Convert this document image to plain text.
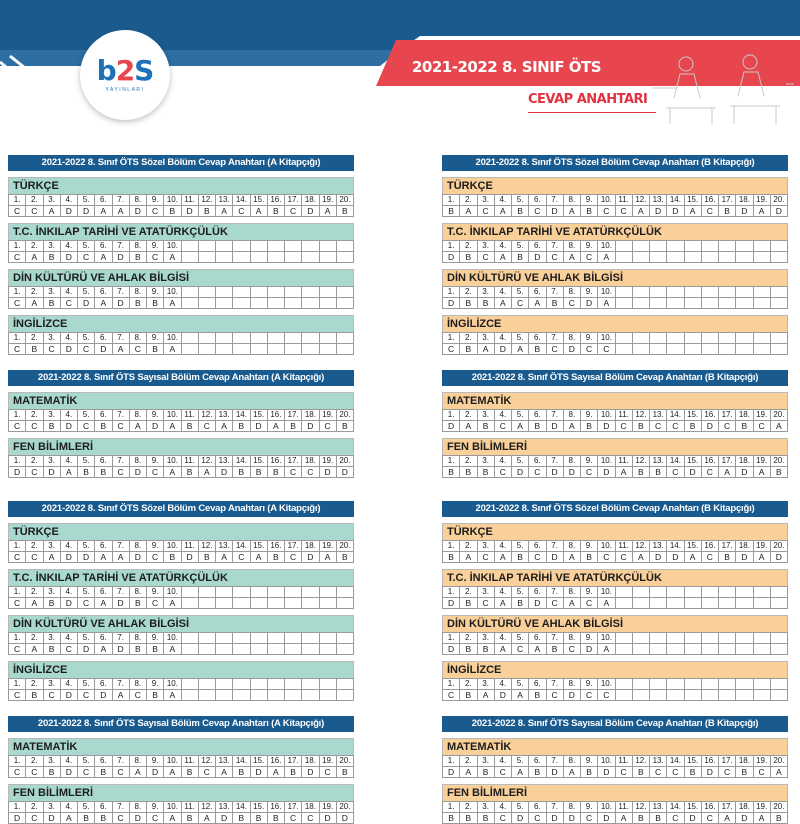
b2S
YAYINLARI
2021-2022 8. SINIF ÖTS
CEVAP ANAHTARI
2021-2022 8. Sınıf ÖTS Sözel Bölüm Cevap Anahtarı (A Kitapçığı)
TÜRKÇE
1.	2.	3.	4.	5.	6.	7.	8.	9.	10.	11.	12.	13.	14.	15.	16.	17.	18.	19.	20.
C	C	A	D	D	A	A	D	C	B	D	B	A	C	A	B	C	D	A	B
T.C. İNKILAP TARİHİ VE ATATÜRKÇÜLÜK
1.	2.	3.	4.	5.	6.	7.	8.	9.	10.										
C	A	B	D	C	A	D	B	C	A										
DİN KÜLTÜRÜ VE AHLAK BİLGİSİ
1.	2.	3.	4.	5.	6.	7.	8.	9.	10.										
C	A	B	C	D	A	D	B	B	A										
İNGİLİZCE
1.	2.	3.	4.	5.	6.	7.	8.	9.	10.										
C	B	C	D	C	D	A	C	B	A										
2021-2022 8. Sınıf ÖTS Sözel Bölüm Cevap Anahtarı (B Kitapçığı)
TÜRKÇE
1.	2.	3.	4.	5.	6.	7.	8.	9.	10.	11.	12.	13.	14.	15.	16.	17.	18.	19.	20.
B	A	C	A	B	C	D	A	B	C	C	A	D	D	A	C	B	D	A	D
T.C. İNKILAP TARİHİ VE ATATÜRKÇÜLÜK
1.	2.	3.	4.	5.	6.	7.	8.	9.	10.										
D	B	C	A	B	D	C	A	C	A										
DİN KÜLTÜRÜ VE AHLAK BİLGİSİ
1.	2.	3.	4.	5.	6.	7.	8.	9.	10.										
D	B	B	A	C	A	B	C	D	A										
İNGİLİZCE
1.	2.	3.	4.	5.	6.	7.	8.	9.	10.										
C	B	A	D	A	B	C	D	C	C										
2021-2022 8. Sınıf ÖTS Sayısal Bölüm Cevap Anahtarı (A Kitapçığı)
MATEMATİK
1.	2.	3.	4.	5.	6.	7.	8.	9.	10.	11.	12.	13.	14.	15.	16.	17.	18.	19.	20.
C	C	B	D	C	B	C	A	D	A	B	C	A	B	D	A	B	D	C	B
FEN BİLİMLERİ
1.	2.	3.	4.	5.	6.	7.	8.	9.	10.	11.	12.	13.	14.	15.	16.	17.	18.	19.	20.
D	C	D	A	B	B	C	D	C	A	B	A	D	B	B	B	C	C	D	D
2021-2022 8. Sınıf ÖTS Sayısal Bölüm Cevap Anahtarı (B Kitapçığı)
MATEMATİK
1.	2.	3.	4.	5.	6.	7.	8.	9.	10.	11.	12.	13.	14.	15.	16.	17.	18.	19.	20.
D	A	B	C	A	B	D	A	B	D	C	B	C	C	B	D	C	B	C	A
FEN BİLİMLERİ
1.	2.	3.	4.	5.	6.	7.	8.	9.	10.	11.	12.	13.	14.	15.	16.	17.	18.	19.	20.
B	B	B	C	D	C	D	D	C	D	A	B	B	C	D	C	A	D	A	B
2021-2022 8. Sınıf ÖTS Sözel Bölüm Cevap Anahtarı (A Kitapçığı)
TÜRKÇE
1.	2.	3.	4.	5.	6.	7.	8.	9.	10.	11.	12.	13.	14.	15.	16.	17.	18.	19.	20.
C	C	A	D	D	A	A	D	C	B	D	B	A	C	A	B	C	D	A	B
T.C. İNKILAP TARİHİ VE ATATÜRKÇÜLÜK
1.	2.	3.	4.	5.	6.	7.	8.	9.	10.										
C	A	B	D	C	A	D	B	C	A										
DİN KÜLTÜRÜ VE AHLAK BİLGİSİ
1.	2.	3.	4.	5.	6.	7.	8.	9.	10.										
C	A	B	C	D	A	D	B	B	A										
İNGİLİZCE
1.	2.	3.	4.	5.	6.	7.	8.	9.	10.										
C	B	C	D	C	D	A	C	B	A										
2021-2022 8. Sınıf ÖTS Sözel Bölüm Cevap Anahtarı (B Kitapçığı)
TÜRKÇE
1.	2.	3.	4.	5.	6.	7.	8.	9.	10.	11.	12.	13.	14.	15.	16.	17.	18.	19.	20.
B	A	C	A	B	C	D	A	B	C	C	A	D	D	A	C	B	D	A	D
T.C. İNKILAP TARİHİ VE ATATÜRKÇÜLÜK
1.	2.	3.	4.	5.	6.	7.	8.	9.	10.										
D	B	C	A	B	D	C	A	C	A										
DİN KÜLTÜRÜ VE AHLAK BİLGİSİ
1.	2.	3.	4.	5.	6.	7.	8.	9.	10.										
D	B	B	A	C	A	B	C	D	A										
İNGİLİZCE
1.	2.	3.	4.	5.	6.	7.	8.	9.	10.										
C	B	A	D	A	B	C	D	C	C										
2021-2022 8. Sınıf ÖTS Sayısal Bölüm Cevap Anahtarı (A Kitapçığı)
MATEMATİK
1.	2.	3.	4.	5.	6.	7.	8.	9.	10.	11.	12.	13.	14.	15.	16.	17.	18.	19.	20.
C	C	B	D	C	B	C	A	D	A	B	C	A	B	D	A	B	D	C	B
FEN BİLİMLERİ
1.	2.	3.	4.	5.	6.	7.	8.	9.	10.	11.	12.	13.	14.	15.	16.	17.	18.	19.	20.
D	C	D	A	B	B	C	D	C	A	B	A	D	B	B	B	C	C	D	D
2021-2022 8. Sınıf ÖTS Sayısal Bölüm Cevap Anahtarı (B Kitapçığı)
MATEMATİK
1.	2.	3.	4.	5.	6.	7.	8.	9.	10.	11.	12.	13.	14.	15.	16.	17.	18.	19.	20.
D	A	B	C	A	B	D	A	B	D	C	B	C	C	B	D	C	B	C	A
FEN BİLİMLERİ
1.	2.	3.	4.	5.	6.	7.	8.	9.	10.	11.	12.	13.	14.	15.	16.	17.	18.	19.	20.
B	B	B	C	D	C	D	D	C	D	A	B	B	C	D	C	A	D	A	B
